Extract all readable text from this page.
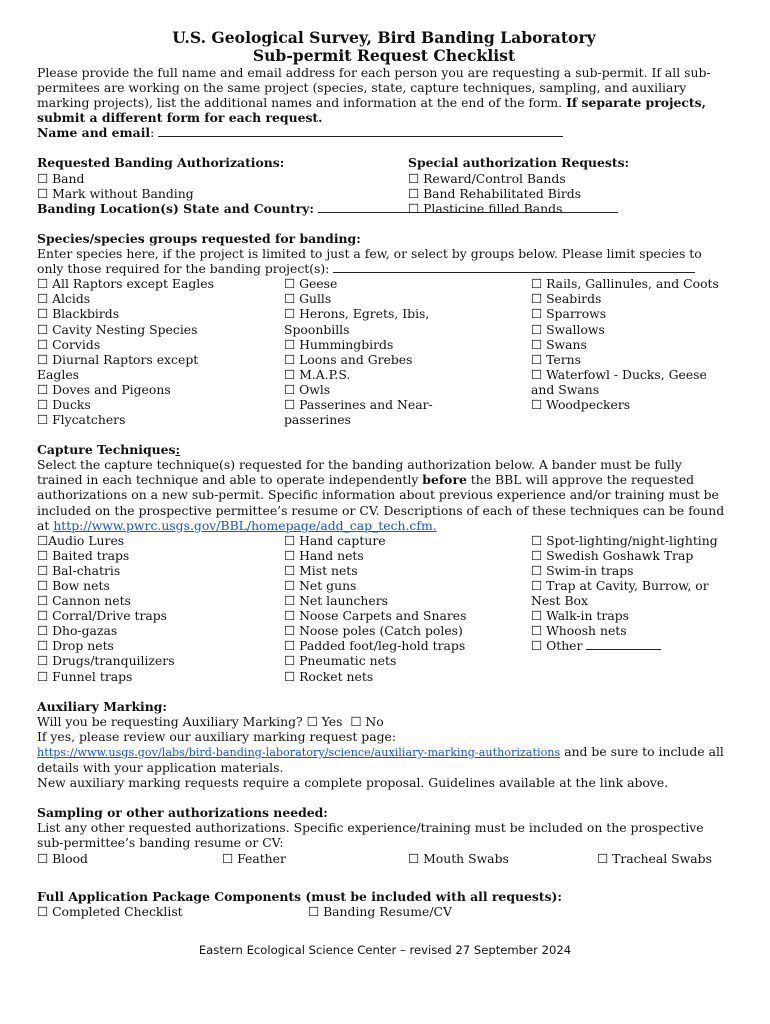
U.S. Geological Survey, Bird Banding Laboratory

Sub-permit Request Checklist

Please provide the full name and email address for each person you are requesting a sub-permit. If all sub-permitees are working on the same project (species, state, capture techniques, sampling, and auxiliary marking projects), list the additional names and information at the end of the form. If separate projects, submit a different form for each request.

Name and email:

Requested Banding Authorizations:
☐ Band
☐ Mark without Banding
Special authorization Requests:
☐ Reward/Control Bands
☐ Band Rehabilitated Birds
☐ Plasticine filled Bands

Banding Location(s) State and Country:

Species/species groups requested for banding:

Enter species here, if the project is limited to just a few, or select by groups below. Please limit species to only those required for the banding project(s):

☐ All Raptors except Eagles
☐ Alcids
☐ Blackbirds
☐ Cavity Nesting Species
☐ Corvids
☐ Diurnal Raptors except Eagles
☐ Doves and Pigeons
☐ Ducks
☐ Flycatchers
☐ Geese
☐ Gulls
☐ Herons, Egrets, Ibis, Spoonbills
☐ Hummingbirds
☐ Loons and Grebes
☐ M.A.P.S.
☐ Owls
☐ Passerines and Near-passerines
☐ Rails, Gallinules, and Coots
☐ Seabirds
☐ Sparrows
☐ Swallows
☐ Swans
☐ Terns
☐ Waterfowl - Ducks, Geese and Swans
☐ Woodpeckers

Capture Techniques:

Select the capture technique(s) requested for the banding authorization below. A bander must be fully trained in each technique and able to operate independently before the BBL will approve the requested authorizations on a new sub-permit. Specific information about previous experience and/or training must be included on the prospective permittee’s resume or CV. Descriptions of each of these techniques can be found at http://www.pwrc.usgs.gov/BBL/homepage/add_cap_tech.cfm.

☐Audio Lures
☐ Baited traps
☐ Bal-chatris
☐ Bow nets
☐ Cannon nets
☐ Corral/Drive traps
☐ Dho-gazas
☐ Drop nets
☐ Drugs/tranquilizers
☐ Funnel traps
☐ Hand capture
☐ Hand nets
☐ Mist nets
☐ Net guns
☐ Net launchers
☐ Noose Carpets and Snares
☐ Noose poles (Catch poles)
☐ Padded foot/leg-hold traps
☐ Pneumatic nets
☐ Rocket nets
☐ Spot-lighting/night-lighting
☐ Swedish Goshawk Trap
☐ Swim-in traps
☐ Trap at Cavity, Burrow, or Nest Box
☐ Walk-in traps
☐ Whoosh nets
☐ Other
Auxiliary Marking:

Will you be requesting Auxiliary Marking? ☐ Yes ☐ No

If yes, please review our auxiliary marking request page:

https://www.usgs.gov/labs/bird-banding-laboratory/science/auxiliary-marking-authorizations and be sure to include all details with your application materials.

New auxiliary marking requests require a complete proposal. Guidelines available at the link above.

Sampling or other authorizations needed:

List any other requested authorizations. Specific experience/training must be included on the prospective sub-permittee’s banding resume or CV:

☐ Blood	☐ Feather	☐ Mouth Swabs	☐ Tracheal Swabs
Full Application Package Components (must be included with all requests):
☐ Completed Checklist	☐ Banding Resume/CV
Eastern Ecological Science Center – revised 27 September 2024
